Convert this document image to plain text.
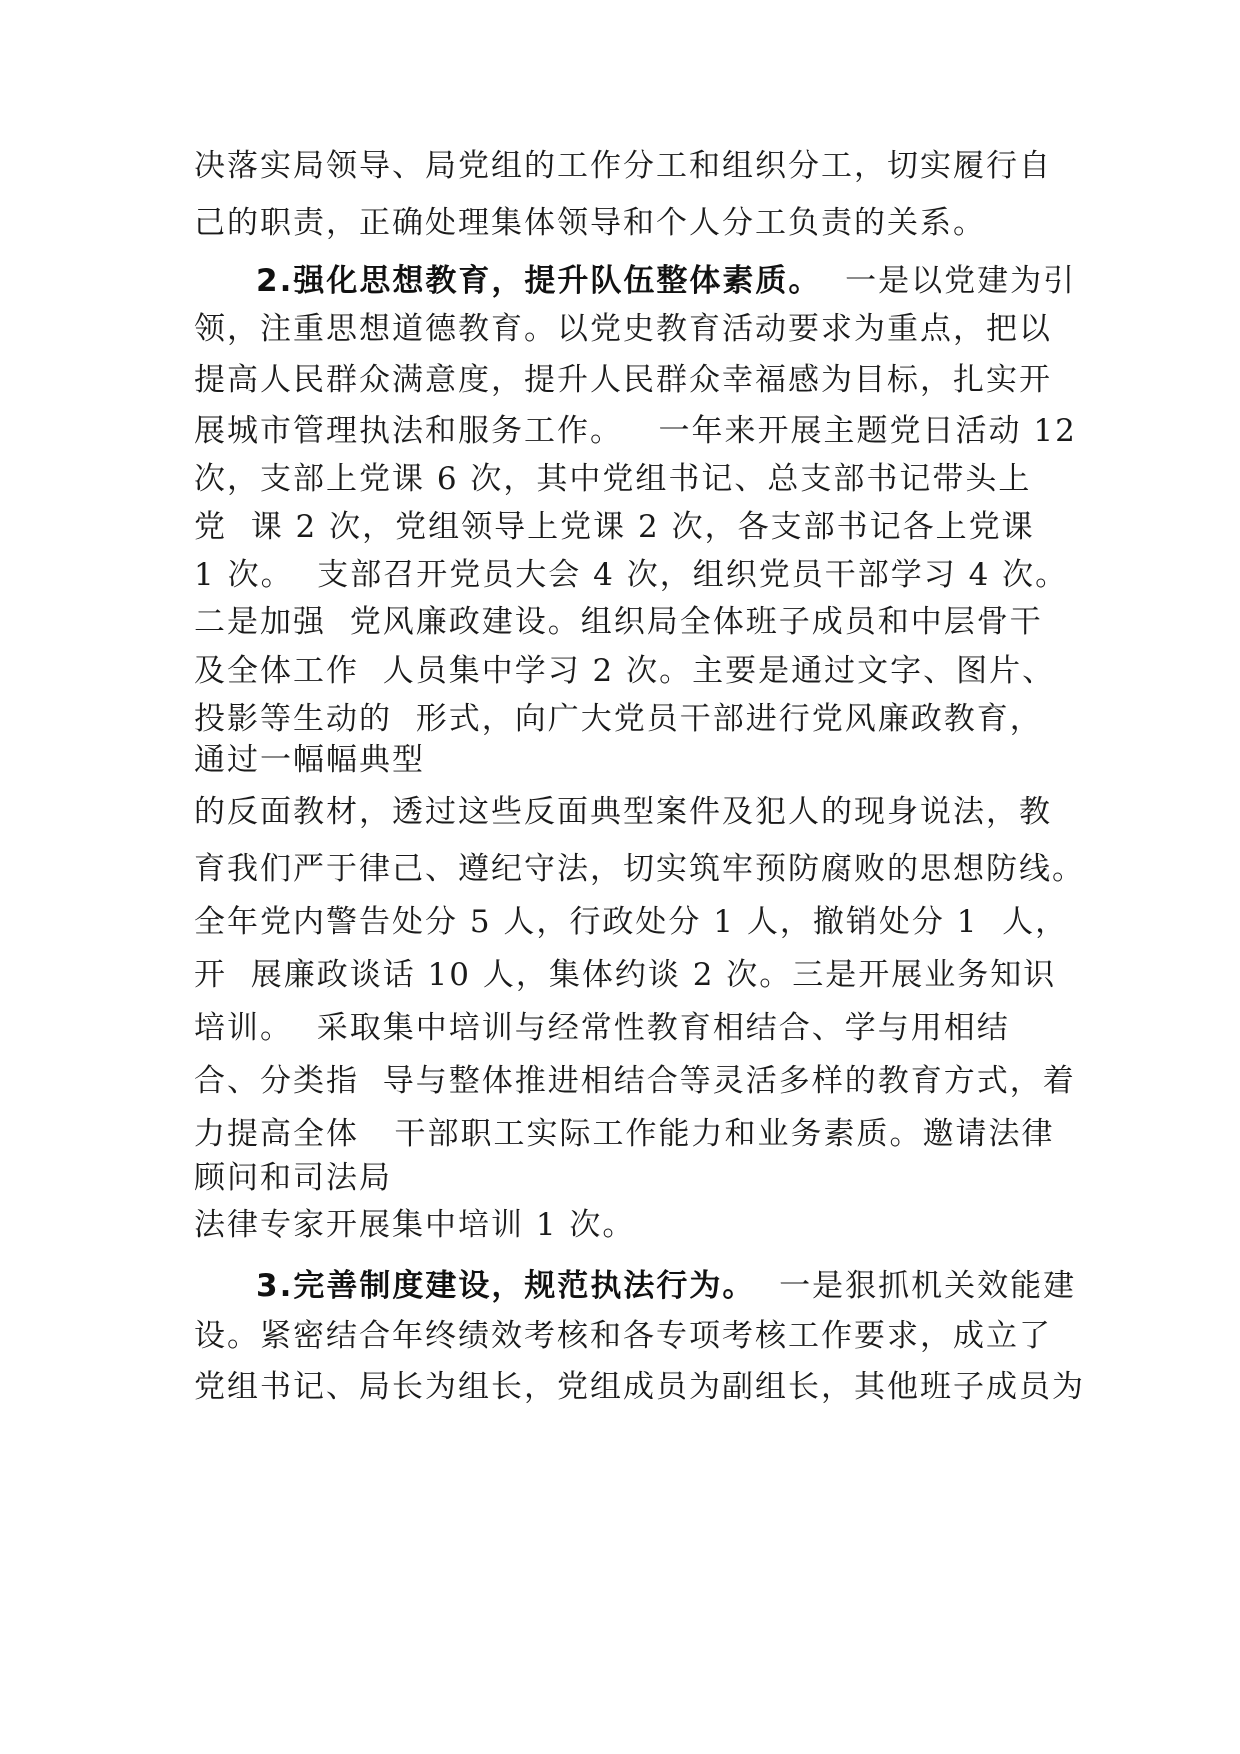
决落实局领导、局党组的工作分工和组织分工，切实履行自

己的职责，正确处理集体领导和个人分工负责的关系。

2.强化思想教育，提升队伍整体素质。  一是以党建为引

领，注重思想道德教育。以党史教育活动要求为重点，把以

提高人民群众满意度，提升人民群众幸福感为目标，扎实开

展城市管理执法和服务工作。   一年来开展主题党日活动 12

次，支部上党课 6 次，其中党组书记、总支部书记带头上

党  课 2 次，党组领导上党课 2 次，各支部书记各上党课

1 次。  支部召开党员大会 4 次，组织党员干部学习 4 次。

二是加强  党风廉政建设。组织局全体班子成员和中层骨干

及全体工作  人员集中学习 2 次。主要是通过文字、图片、

投影等生动的  形式，向广大党员干部进行党风廉政教育，

通过一幅幅典型

的反面教材，透过这些反面典型案件及犯人的现身说法，教

育我们严于律己、遵纪守法，切实筑牢预防腐败的思想防线。

全年党内警告处分 5 人，行政处分 1 人，撤销处分 1  人，

开  展廉政谈话 10 人，集体约谈 2 次。三是开展业务知识

培训。  采取集中培训与经常性教育相结合、学与用相结

合、分类指  导与整体推进相结合等灵活多样的教育方式，着

力提高全体   干部职工实际工作能力和业务素质。邀请法律

顾问和司法局

法律专家开展集中培训 1 次。

3.完善制度建设，规范执法行为。  一是狠抓机关效能建

设。紧密结合年终绩效考核和各专项考核工作要求，成立了

党组书记、局长为组长，党组成员为副组长，其他班子成员为
